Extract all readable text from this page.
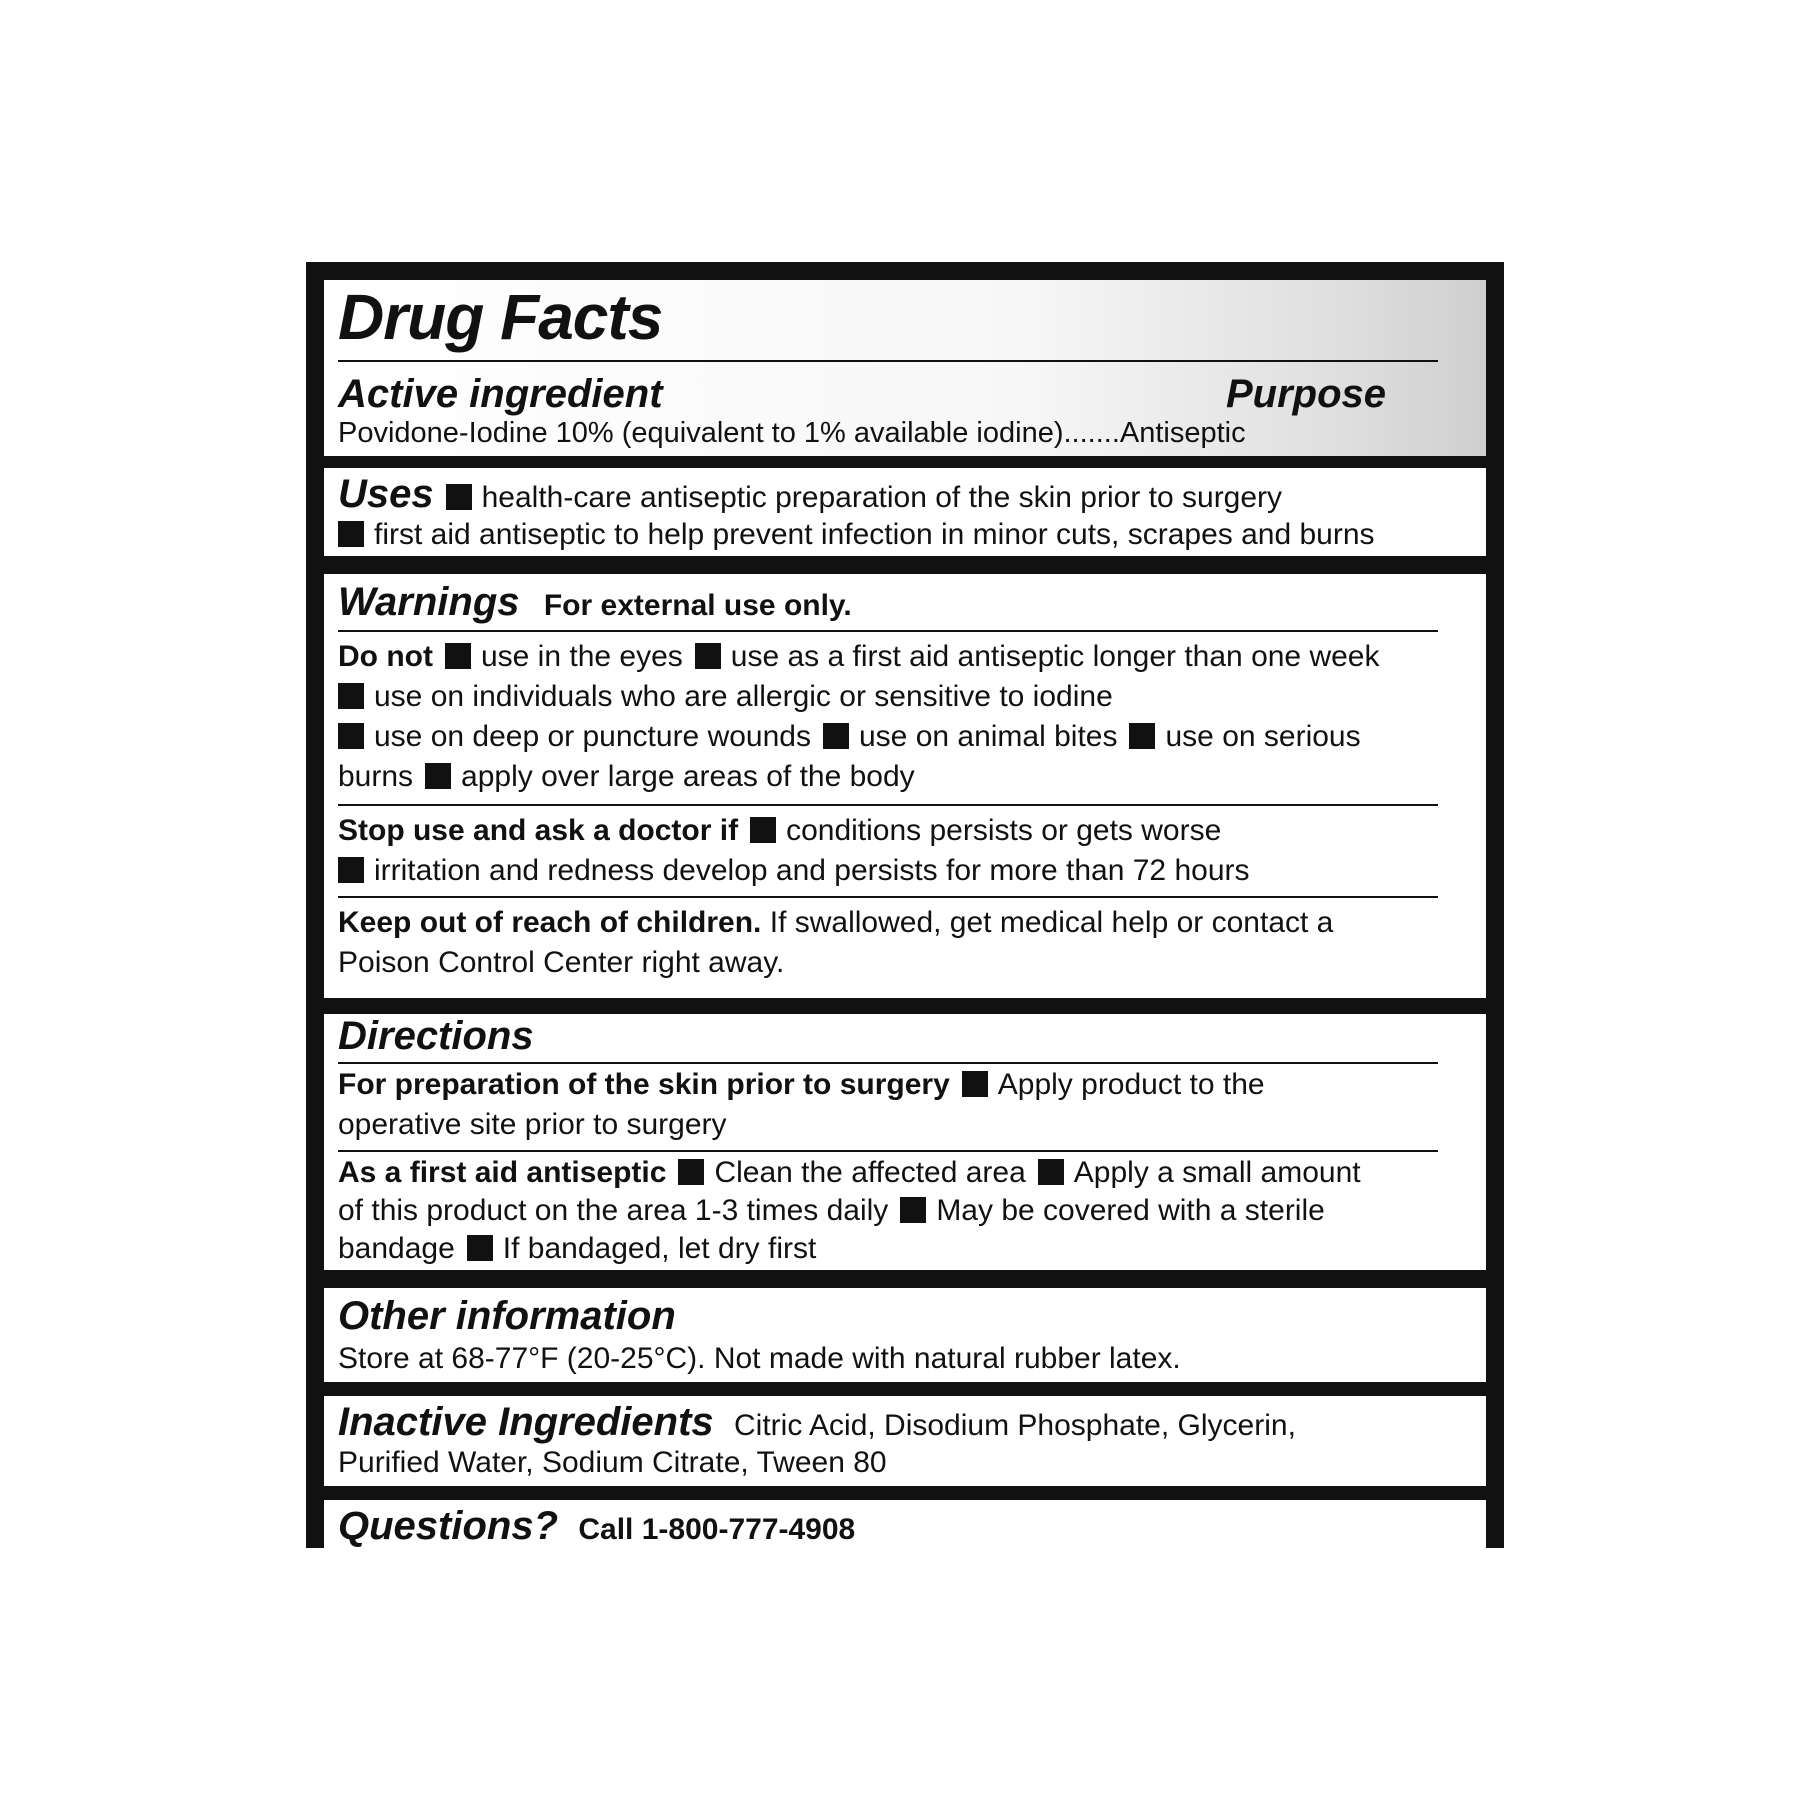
Drug Facts
Active ingredient	Purpose
Povidone-Iodine 10% (equivalent to 1% available iodine).......Antiseptic
Uses health-care antiseptic preparation of the skin prior to surgery
first aid antiseptic to help prevent infection in minor cuts, scrapes and burns
Warnings For external use only.
Do not use in the eyes use as a first aid antiseptic longer than one week
use on individuals who are allergic or sensitive to iodine
use on deep or puncture wounds use on animal bites use on serious
burns apply over large areas of the body
Stop use and ask a doctor if conditions persists or gets worse
irritation and redness develop and persists for more than 72 hours
Keep out of reach of children. If swallowed, get medical help or contact a
Poison Control Center right away.
Directions
For preparation of the skin prior to surgery Apply product to the
operative site prior to surgery
As a first aid antiseptic Clean the affected area Apply a small amount
of this product on the area 1-3 times daily May be covered with a sterile
bandage If bandaged, let dry first
Other information
Store at 68-77°F (20-25°C). Not made with natural rubber latex.
Inactive Ingredients Citric Acid, Disodium Phosphate, Glycerin,
Purified Water, Sodium Citrate, Tween 80
Questions? Call 1-800-777-4908
